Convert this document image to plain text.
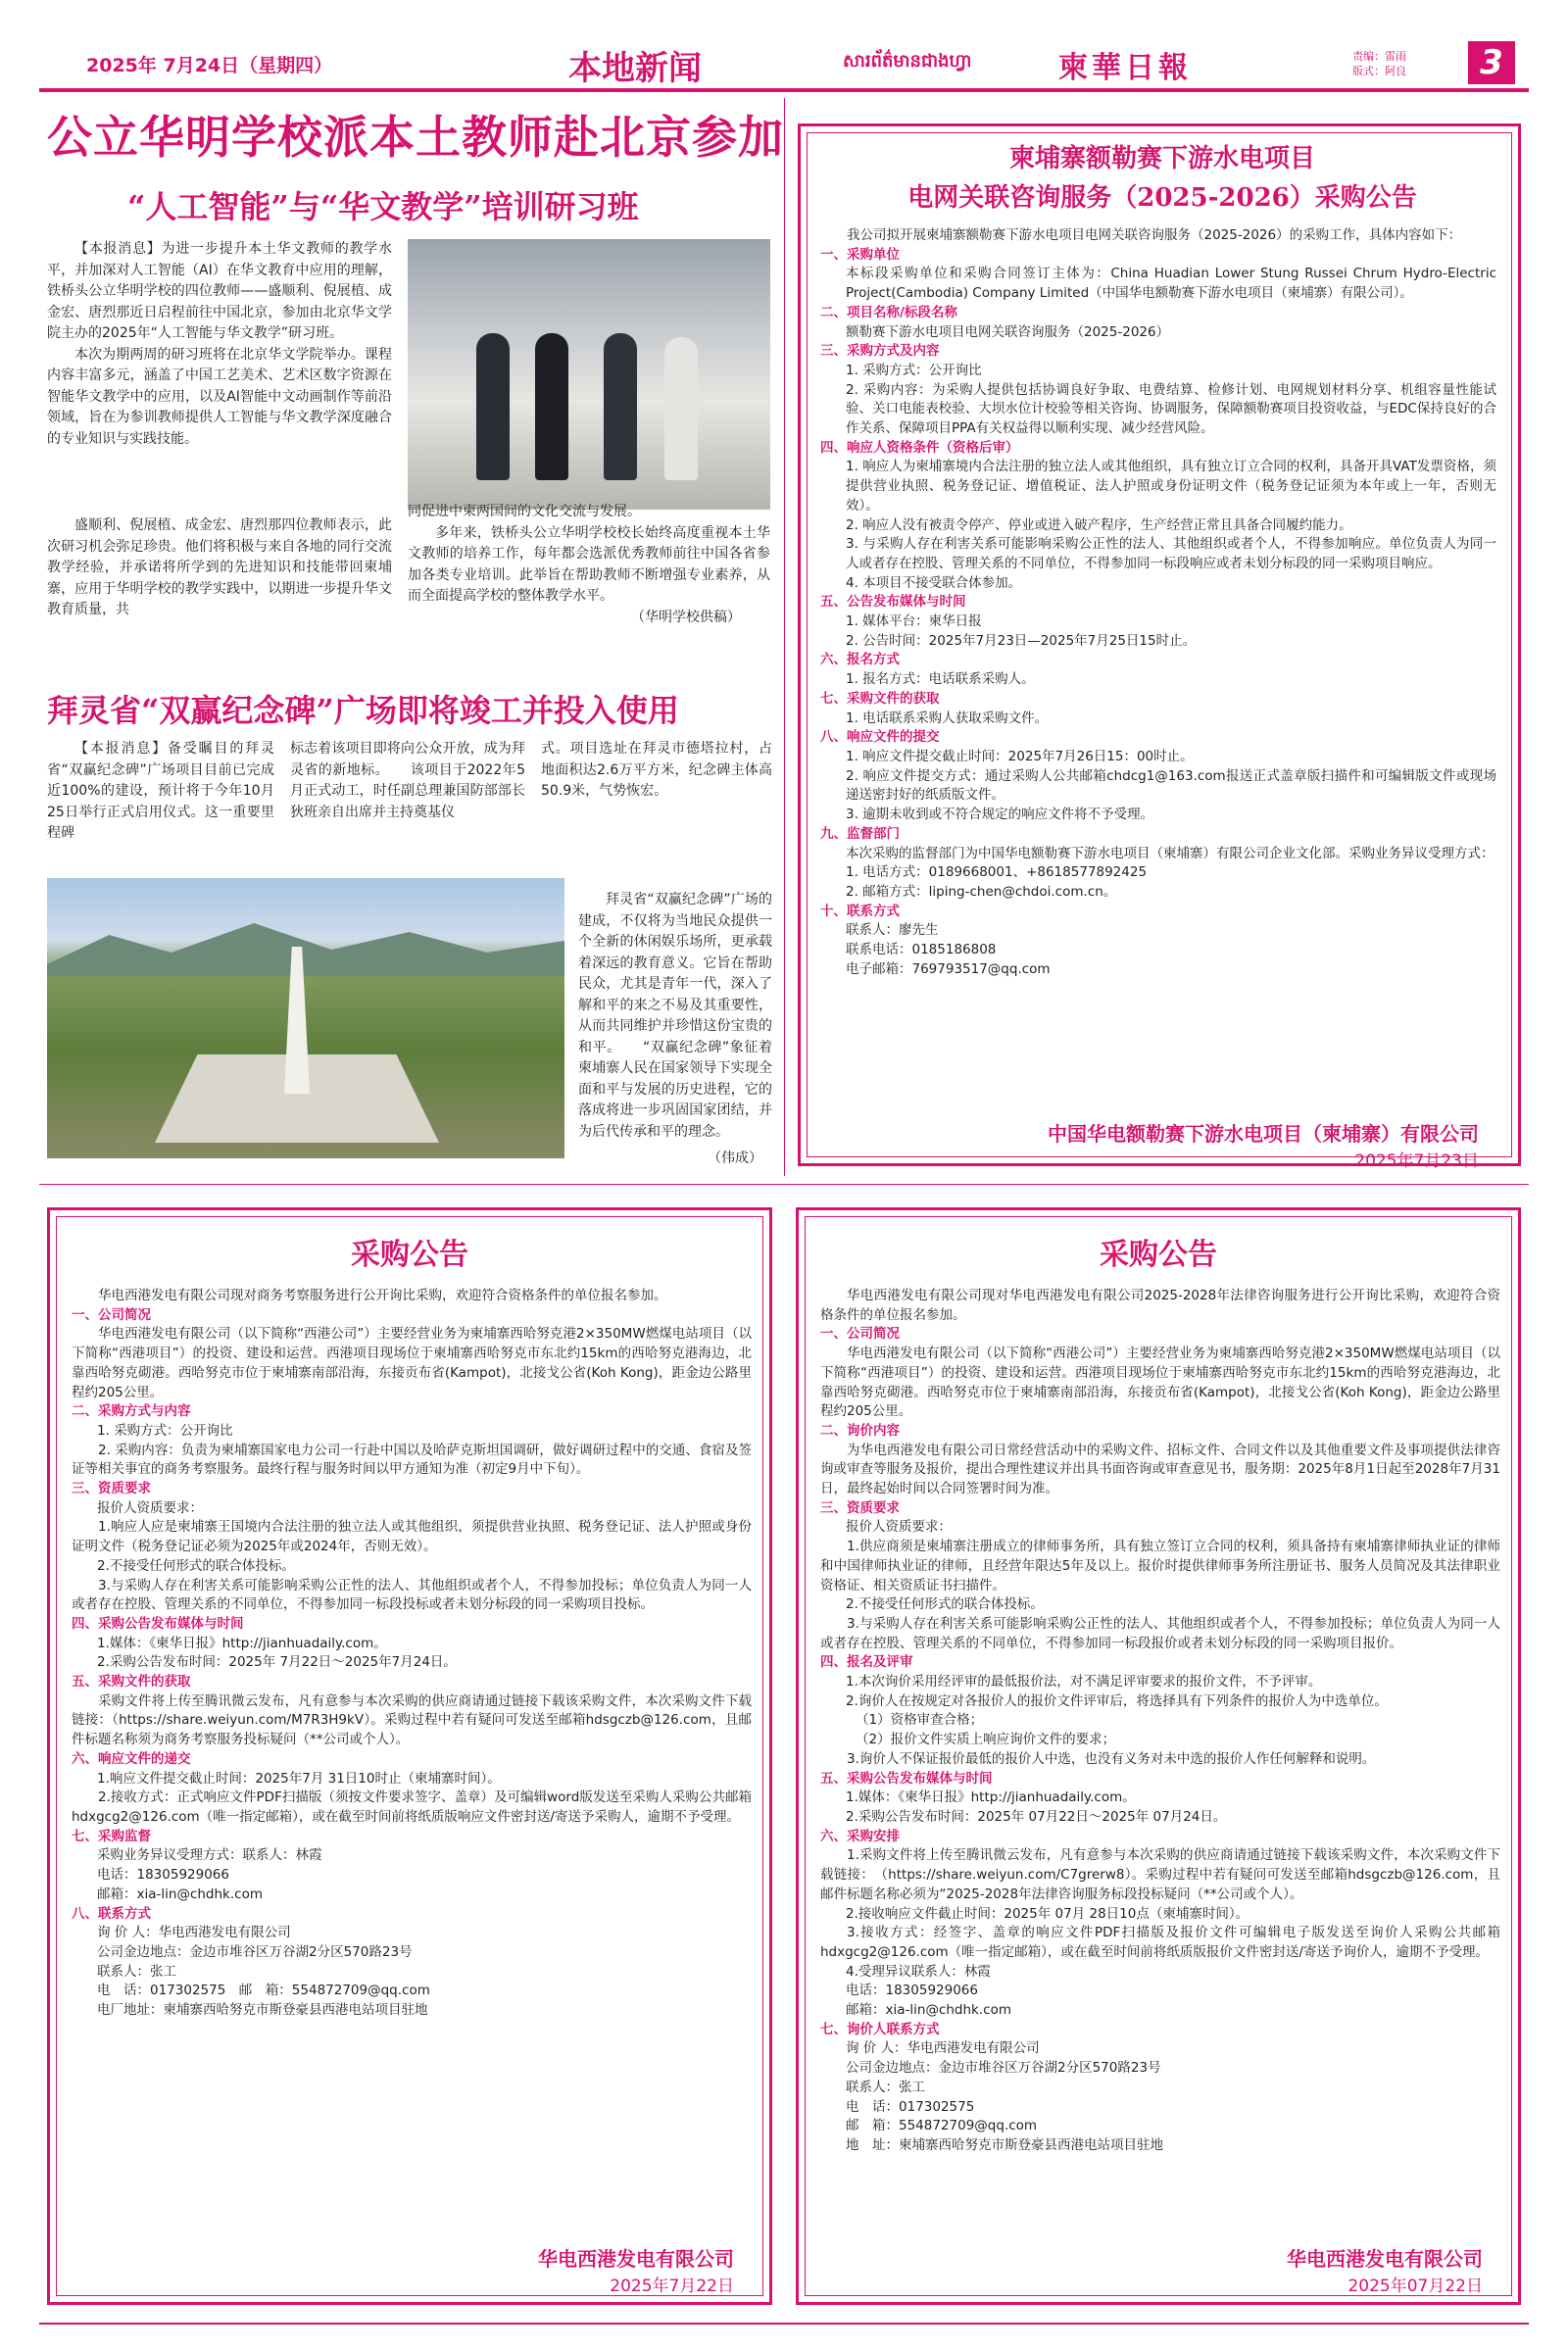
2025年 7月24日（星期四）	本地新闻	សារព័ត៌មានជាងហ្វា	柬華日報	责编：雷雨
版式：阿良	3
公立华明学校派本土教师赴北京参加
“人工智能”与“华文教学”培训研习班

【本报消息】为进一步提升本土华文教师的教学水平，并加深对人工智能（AI）在华文教育中应用的理解，铁桥头公立华明学校的四位教师——盛顺利、倪展植、成金宏、唐烈那近日启程前往中国北京，参加由北京华文学院主办的2025年“人工智能与华文教学”研习班。

本次为期两周的研习班将在北京华文学院举办。课程内容丰富多元，涵盖了中国工艺美术、艺术区数字资源在智能华文教学中的应用，以及AI智能中文动画制作等前沿领域，旨在为参训教师提供人工智能与华文教学深度融合的专业知识与实践技能。

盛顺利、倪展植、成金宏、唐烈那四位教师表示，此次研习机会弥足珍贵。他们将积极与来自各地的同行交流教学经验，并承诺将所学到的先进知识和技能带回柬埔寨，应用于华明学校的教学实践中，以期进一步提升华文教育质量，共

同促进中柬两国间的文化交流与发展。

多年来，铁桥头公立华明学校校长始终高度重视本土华文教师的培养工作，每年都会选派优秀教师前往中国各省参加各类专业培训。此举旨在帮助教师不断增强专业素养，从而全面提高学校的整体教学水平。

（华明学校供稿）

拜灵省“双赢纪念碑”广场即将竣工并投入使用
【本报消息】备受瞩目的拜灵省“双赢纪念碑”广场项目目前已完成近100%的建设，预计将于今年10月25日举行正式启用仪式。这一重要里程碑
标志着该项目即将向公众开放，成为拜灵省的新地标。　　该项目于2022年5月正式动工，时任副总理兼国防部部长狄班亲自出席并主持奠基仪
式。项目选址在拜灵市德塔拉村，占地面积达2.6万平方米，纪念碑主体高50.9米，气势恢宏。

拜灵省“双赢纪念碑”广场的建成，不仅将为当地民众提供一个全新的休闲娱乐场所，更承载着深远的教育意义。它旨在帮助民众，尤其是青年一代，深入了解和平的来之不易及其重要性，从而共同维护并珍惜这份宝贵的和平。　　“双赢纪念碑”象征着柬埔寨人民在国家领导下实现全面和平与发展的历史进程，它的落成将进一步巩固国家团结，并为后代传承和平的理念。

（伟成）

柬埔寨额勒赛下游水电项目
电网关联咨询服务（2025-2026）采购公告
我公司拟开展柬埔寨额勒赛下游水电项目电网关联咨询服务（2025-2026）的采购工作，具体内容如下：
一、采购单位
本标段采购单位和采购合同签订主体为：China Huadian Lower Stung Russei Chrum Hydro-Electric Project(Cambodia) Company Limited（中国华电额勒赛下游水电项目（柬埔寨）有限公司）。
二、项目名称/标段名称
额勒赛下游水电项目电网关联咨询服务（2025-2026）
三、采购方式及内容
1. 采购方式：公开询比
2. 采购内容：为采购人提供包括协调良好争取、电费结算、检修计划、电网规划材料分享、机组容量性能试验、关口电能表校验、大坝水位计校验等相关咨询、协调服务，保障额勒赛项目投资收益，与EDC保持良好的合作关系、保障项目PPA有关权益得以顺利实现、减少经营风险。
四、响应人资格条件（资格后审）
1. 响应人为柬埔寨境内合法注册的独立法人或其他组织，具有独立订立合同的权利，具备开具VAT发票资格，须提供营业执照、税务登记证、增值税证、法人护照或身份证明文件（税务登记证须为本年或上一年，否则无效）。
2. 响应人没有被责令停产、停业或进入破产程序，生产经营正常且具备合同履约能力。
3. 与采购人存在利害关系可能影响采购公正性的法人、其他组织或者个人，不得参加响应。单位负责人为同一人或者存在控股、管理关系的不同单位，不得参加同一标段响应或者未划分标段的同一采购项目响应。
4. 本项目不接受联合体参加。
五、公告发布媒体与时间
1. 媒体平台：柬华日报
2. 公告时间：2025年7月23日—2025年7月25日15时止。
六、报名方式
1. 报名方式：电话联系采购人。
七、采购文件的获取
1. 电话联系采购人获取采购文件。
八、响应文件的提交
1. 响应文件提交截止时间：2025年7月26日15：00时止。
2. 响应文件提交方式：通过采购人公共邮箱chdcg1@163.com报送正式盖章版扫描件和可编辑版文件或现场递送密封好的纸质版文件。
3. 逾期未收到或不符合规定的响应文件将不予受理。
九、监督部门
本次采购的监督部门为中国华电额勒赛下游水电项目（柬埔寨）有限公司企业文化部。采购业务异议受理方式：
1. 电话方式：0189668001、+8618577892425
2. 邮箱方式：liping-chen@chdoi.com.cn。
十、联系方式
联系人：廖先生
联系电话：0185186808
电子邮箱：769793517@qq.com
中国华电额勒赛下游水电项目（柬埔寨）有限公司
2025年7月23日
采购公告
华电西港发电有限公司现对商务考察服务进行公开询比采购，欢迎符合资格条件的单位报名参加。
一、公司简况
华电西港发电有限公司（以下简称“西港公司”）主要经营业务为柬埔寨西哈努克港2×350MW燃煤电站项目（以下简称“西港项目”）的投资、建设和运营。西港项目现场位于柬埔寨西哈努克市东北约15km的西哈努克港海边，北靠西哈努克砌港。西哈努克市位于柬埔寨南部沿海，东接贡布省(Kampot)，北接戈公省(Koh Kong)，距金边公路里程约205公里。
二、采购方式与内容
1. 采购方式：公开询比
2. 采购内容：负责为柬埔寨国家电力公司一行赴中国以及哈萨克斯坦国调研，做好调研过程中的交通、食宿及签证等相关事宜的商务考察服务。最终行程与服务时间以甲方通知为准（初定9月中下旬）。
三、资质要求
报价人资质要求：
1.响应人应是柬埔寨王国境内合法注册的独立法人或其他组织，须提供营业执照、税务登记证、法人护照或身份证明文件（税务登记证必须为2025年或2024年，否则无效）。
2.不接受任何形式的联合体投标。
3.与采购人存在利害关系可能影响采购公正性的法人、其他组织或者个人，不得参加投标；单位负责人为同一人或者存在控股、管理关系的不同单位，不得参加同一标段投标或者未划分标段的同一采购项目投标。
四、采购公告发布媒体与时间
1.媒体：《柬华日报》http://jianhuadaily.com。
2.采购公告发布时间：2025年 7月22日～2025年7月24日。
五、采购文件的获取
采购文件将上传至腾讯微云发布，凡有意参与本次采购的供应商请通过链接下载该采购文件，本次采购文件下载链接：（https://share.weiyun.com/M7R3H9kV）。采购过程中若有疑问可发送至邮箱hdsgczb@126.com，且邮件标题名称须为商务考察服务投标疑问（**公司或个人）。
六、响应文件的递交
1.响应文件提交截止时间：2025年7月 31日10时止（柬埔寨时间）。
2.接收方式：正式响应文件PDF扫描版（须按文件要求签字、盖章）及可编辑word版发送至采购人采购公共邮箱hdxgcg2@126.com（唯一指定邮箱），或在截至时间前将纸质版响应文件密封送/寄送予采购人，逾期不予受理。
七、采购监督
采购业务异议受理方式：联系人：林霞
电话：18305929066
邮箱：xia-lin@chdhk.com
八、联系方式
询 价 人：华电西港发电有限公司
公司金边地点：金边市堆谷区万谷湖2分区570路23号
联系人：张工
电　话：017302575　邮　箱：554872709@qq.com
电厂地址：柬埔寨西哈努克市斯登豪县西港电站项目驻地
华电西港发电有限公司
2025年7月22日
采购公告
华电西港发电有限公司现对华电西港发电有限公司2025-2028年法律咨询服务进行公开询比采购，欢迎符合资格条件的单位报名参加。
一、公司简况
华电西港发电有限公司（以下简称“西港公司”）主要经营业务为柬埔寨西哈努克港2×350MW燃煤电站项目（以下简称“西港项目”）的投资、建设和运营。西港项目现场位于柬埔寨西哈努克市东北约15km的西哈努克港海边，北靠西哈努克砌港。西哈努克市位于柬埔寨南部沿海，东接贡布省(Kampot)，北接戈公省(Koh Kong)，距金边公路里程约205公里。
二、询价内容
为华电西港发电有限公司日常经营活动中的采购文件、招标文件、合同文件以及其他重要文件及事项提供法律咨询或审查等服务及报价，提出合理性建议并出具书面咨询或审查意见书，服务期：2025年8月1日起至2028年7月31日，最终起始时间以合同签署时间为准。
三、资质要求
报价人资质要求：
1.供应商须是柬埔寨注册成立的律师事务所，具有独立签订立合同的权利，须具备持有柬埔寨律师执业证的律师和中国律师执业证的律师，且经营年限达5年及以上。报价时提供律师事务所注册证书、服务人员简况及其法律职业资格证、相关资质证书扫描件。
2.不接受任何形式的联合体投标。
3.与采购人存在利害关系可能影响采购公正性的法人、其他组织或者个人，不得参加投标；单位负责人为同一人或者存在控股、管理关系的不同单位，不得参加同一标段报价或者未划分标段的同一采购项目报价。
四、报名及评审
1.本次询价采用经评审的最低报价法，对不满足评审要求的报价文件，不予评审。
2.询价人在按规定对各报价人的报价文件评审后，将选择具有下列条件的报价人为中选单位。
（1）资格审查合格；
（2）报价文件实质上响应询价文件的要求；
3.询价人不保证报价最低的报价人中选，也没有义务对未中选的报价人作任何解释和说明。
五、采购公告发布媒体与时间
1.媒体：《柬华日报》http://jianhuadaily.com。
2.采购公告发布时间：2025年 07月22日～2025年 07月24日。
六、采购安排
1.采购文件将上传至腾讯微云发布，凡有意参与本次采购的供应商请通过链接下载该采购文件，本次采购文件下载链接：　（https://share.weiyun.com/C7grerw8）。采购过程中若有疑问可发送至邮箱hdsgczb@126.com，且邮件标题名称必须为“2025-2028年法律咨询服务标段投标疑问（**公司或个人）。
2.接收响应文件截止时间：2025年 07月 28日10点（柬埔寨时间）。
3.接收方式：经签字、盖章的响应文件PDF扫描版及报价文件可编辑电子版发送至询价人采购公共邮箱hdxgcg2@126.com（唯一指定邮箱），或在截至时间前将纸质版报价文件密封送/寄送予询价人，逾期不予受理。
4.受理异议联系人：林霞
电话：18305929066
邮箱：xia-lin@chdhk.com
七、询价人联系方式
询 价 人：华电西港发电有限公司
公司金边地点：金边市堆谷区万谷湖2分区570路23号
联系人：张工
电　话：017302575
邮　箱：554872709@qq.com
地　址：柬埔寨西哈努克市斯登豪县西港电站项目驻地
华电西港发电有限公司
2025年07月22日
